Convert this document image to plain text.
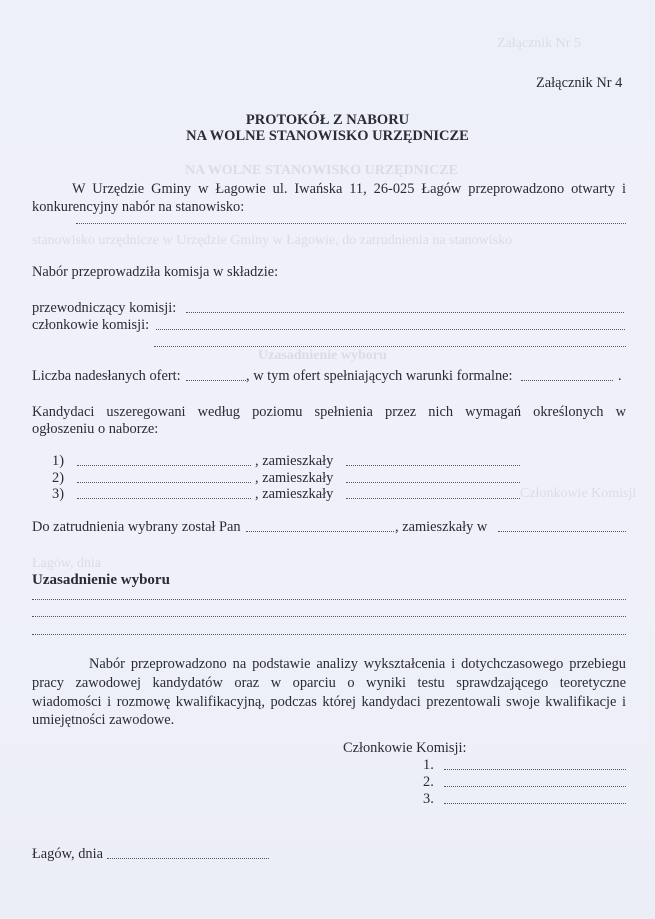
Załącznik Nr 5
NA WOLNE STANOWISKO URZĘDNICZE
stanowisko urzędnicze w Urzędzie Gminy w Łagowie, do zatrudnienia na stanowisko
Uzasadnienie wyboru
Członkowie Komisji
Łagów, dnia
Załącznik Nr 4
PROTOKÓŁ Z NABORU
NA WOLNE STANOWISKO URZĘDNICZE
W Urzędzie Gminy w Łagowie ul. Iwańska 11, 26-025 Łagów przeprowadzono otwarty i
konkurencyjny nabór na stanowisko:
Nabór przeprowadziła komisja w składzie:
przewodniczący komisji:
członkowie komisji:
Liczba nadesłanych ofert:	, w tym ofert spełniających warunki formalne:	.
Kandydaci uszeregowani według poziomu spełnienia przez nich wymagań określonych w
ogłoszeniu o naborze:
1)	, zamieszkały
2)	, zamieszkały
3)	, zamieszkały
Do zatrudnienia wybrany został Pan	, zamieszkały w
Uzasadnienie wyboru
Nabór przeprowadzono na podstawie analizy wykształcenia i dotychczasowego przebiegu
pracy zawodowej kandydatów oraz w oparciu o wyniki testu sprawdzającego teoretyczne
wiadomości i rozmowę kwalifikacyjną, podczas której kandydaci prezentowali swoje kwalifikacje i
umiejętności zawodowe.
Członkowie Komisji:
1.
2.
3.
Łagów, dnia
